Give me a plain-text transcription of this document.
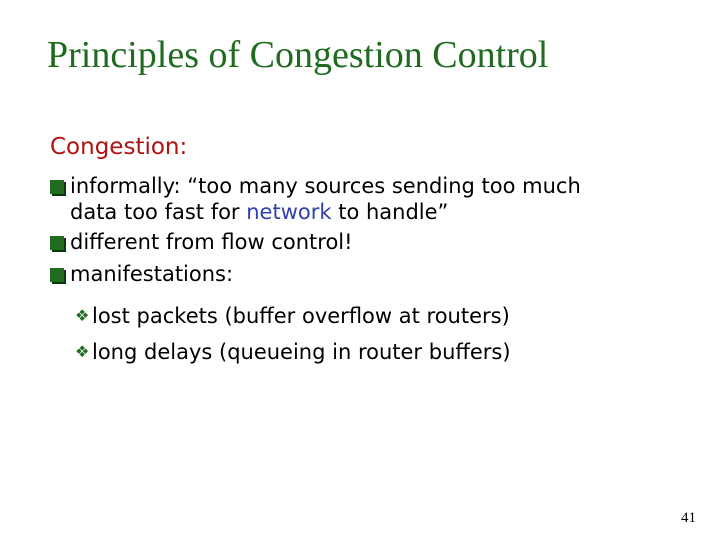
Principles of Congestion Control
Congestion:
informally: “too many sources sending too much
data too fast for network to handle”
different from flow control!
manifestations:
❖ lost packets (buffer overflow at routers)
❖ long delays (queueing in router buffers)
41
